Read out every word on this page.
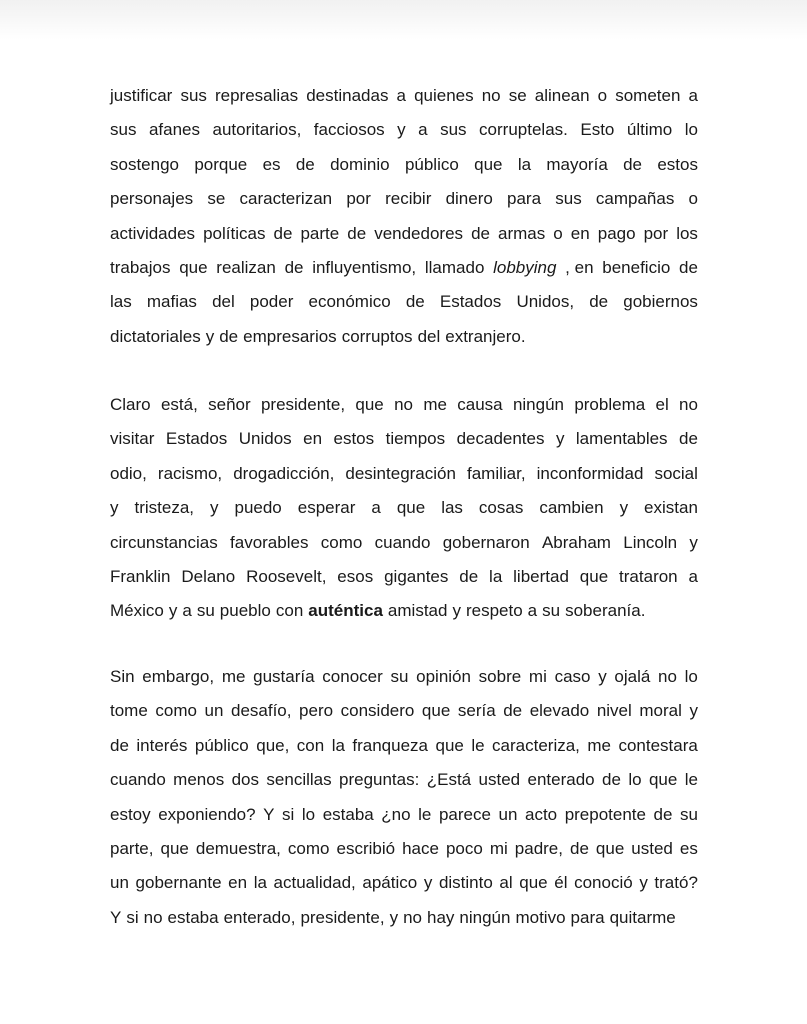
justificar sus represalias destinadas a quienes no se alinean o someten a
sus afanes autoritarios, facciosos y a sus corruptelas. Esto último lo
sostengo porque es de dominio público que la mayoría de estos
personajes se caracterizan por recibir dinero para sus campañas o
actividades políticas de parte de vendedores de armas o en pago por los
trabajos que realizan de influyentismo, llamado lobbying , en beneficio de
las mafias del poder económico de Estados Unidos, de gobiernos
dictatoriales y de empresarios corruptos del extranjero.
Claro está, señor presidente, que no me causa ningún problema el no
visitar Estados Unidos en estos tiempos decadentes y lamentables de
odio, racismo, drogadicción, desintegración familiar, inconformidad social
y tristeza, y puedo esperar a que las cosas cambien y existan
circunstancias favorables como cuando gobernaron Abraham Lincoln y
Franklin Delano Roosevelt, esos gigantes de la libertad que trataron a
México y a su pueblo con auténtica amistad y respeto a su soberanía.
Sin embargo, me gustaría conocer su opinión sobre mi caso y ojalá no lo
tome como un desafío, pero considero que sería de elevado nivel moral y
de interés público que, con la franqueza que le caracteriza, me contestara
cuando menos dos sencillas preguntas: ¿Está usted enterado de lo que le
estoy exponiendo? Y si lo estaba ¿no le parece un acto prepotente de su
parte, que demuestra, como escribió hace poco mi padre, de que usted es
un gobernante en la actualidad, apático y distinto al que él conoció y trató?
Y si no estaba enterado, presidente, y no hay ningún motivo para quitarme
